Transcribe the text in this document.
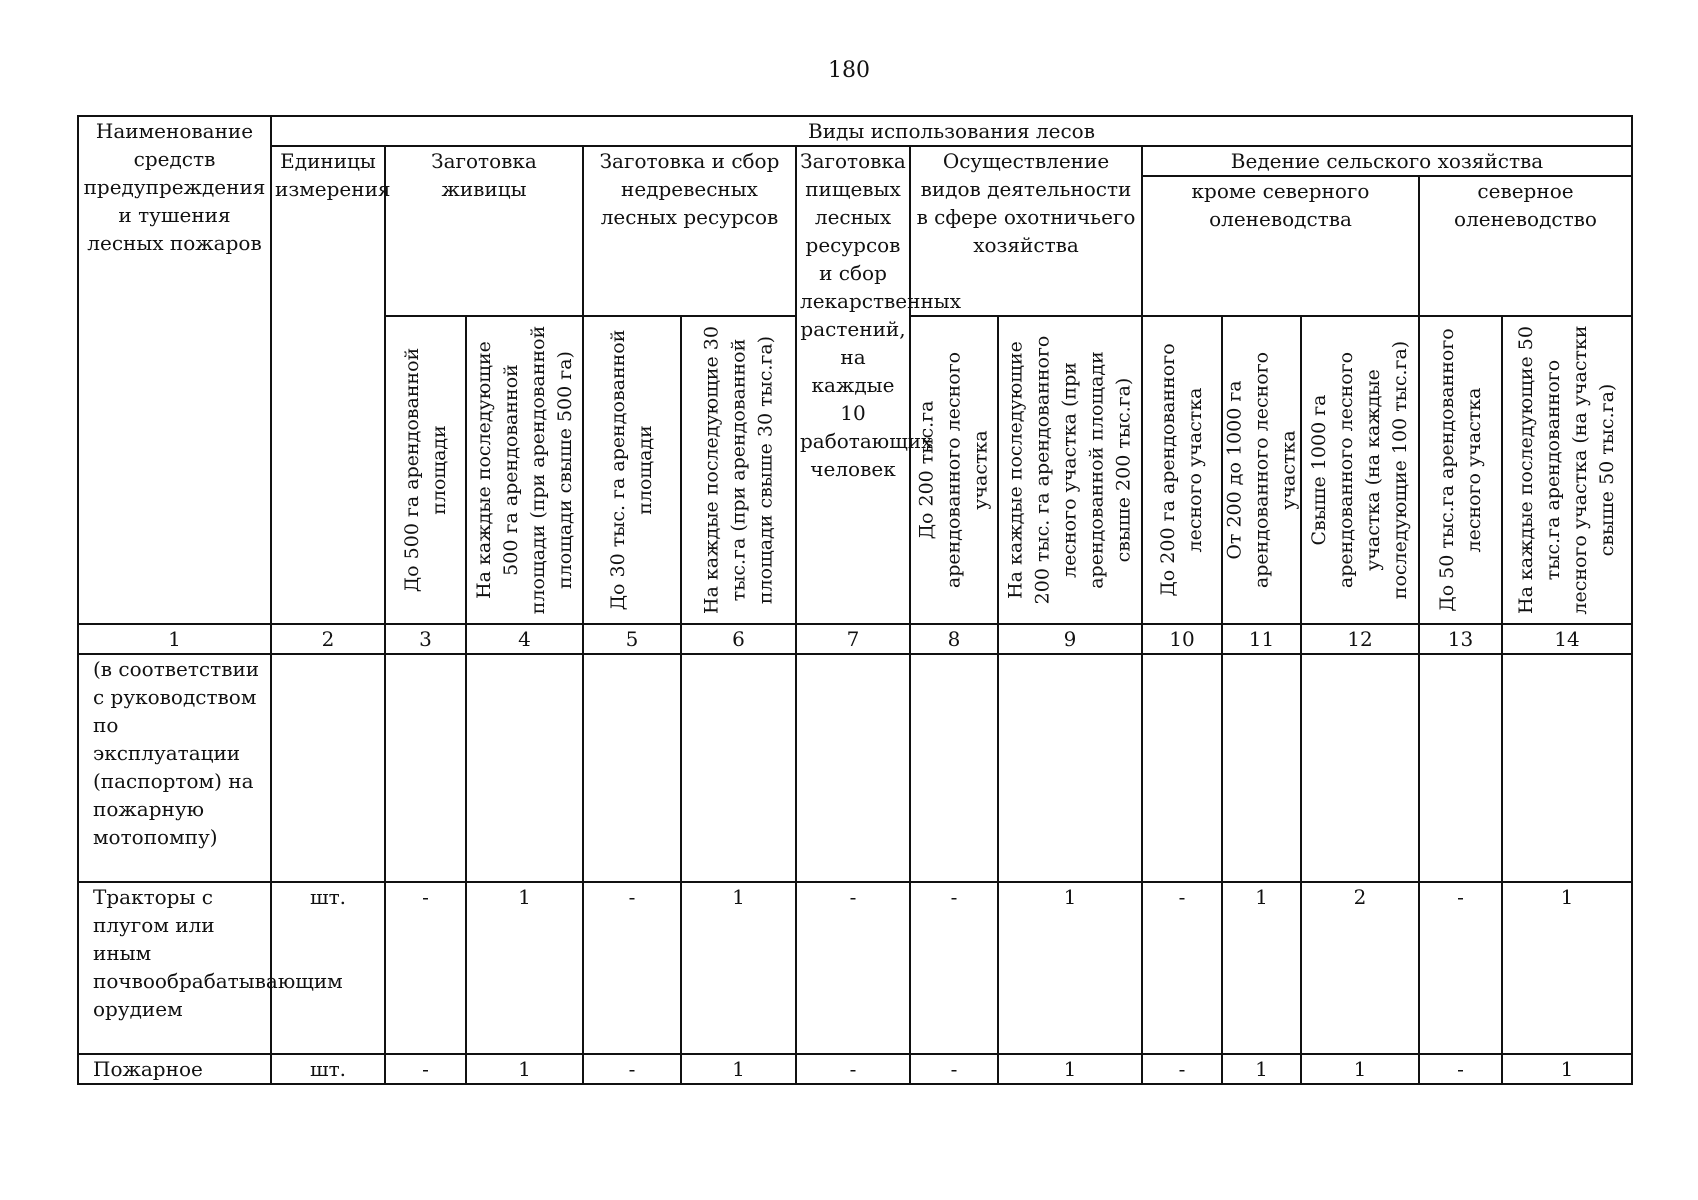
180
Наименование средств предупреждения и тушения лесных пожаров	Виды использования лесов												
	Единицы измерения	Заготовка живицы		Заготовка и сбор недревесных лесных ресурсов		Заготовка пищевых лесных ресурсов и сбор лекарственных растений, на каждые 10 работающих человек	Осуществление видов деятельности в сфере охотничьего хозяйства		Ведение сельского хозяйства				
									кроме северного оленеводства			северное оленеводство	

		До 500 га арендованной площади	На каждые последующие 500 га арендованной площади (при арендованной площади свыше 500 га)	До 30 тыс. га арендованной площади	На каждые последующие 30 тыс.га (при арендованной площади свыше 30 тыс.га)		До 200 тыс.га арендованного лесного участка	На каждые последующие 200 тыс. га арендованного лесного участка (при арендованной площади свыше 200 тыс.га)	До 200 га арендованного лесного участка	От 200 до 1000 га арендованного лесного участка	Свыше 1000 га арендованного лесного участка (на каждые последующие 100 тыс.га)	До 50 тыс.га арендованного лесного участка	На каждые последующие 50 тыс.га арендованного лесного участка (на участки свыше 50 тыс.га)

1	2	3	4	5	6	7	8	9	10	11	12	13	14
(в соответствии с руководством по эксплуатации (паспортом) на пожарную мотопомпу)													
Тракторы с плугом или иным почвообрабатывающим орудием	шт.	-	1	-	1	-	-	1	-	1	2	-	1
Пожарное	шт.	-	1	-	1	-	-	1	-	1	1	-	1
